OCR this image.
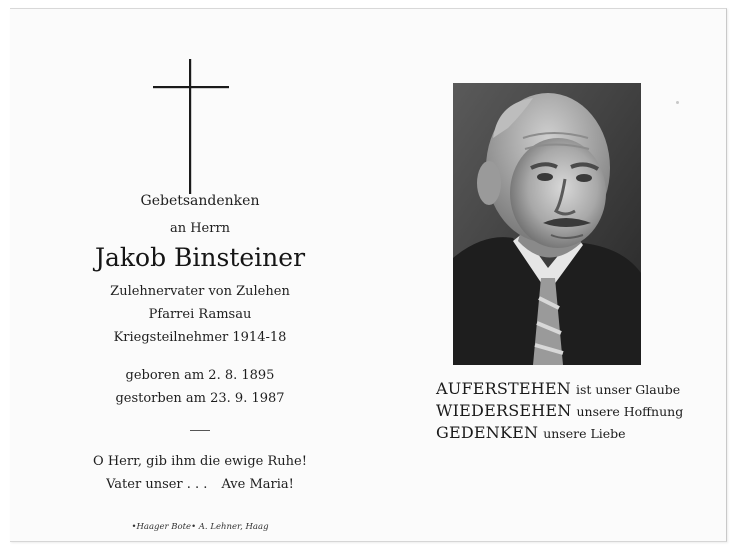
Gebetsandenken
an Herrn
Jakob Binsteiner
Zulehnervater von Zulehen
Pfarrei Ramsau
Kriegsteilnehmer 1914-18
geboren am 2. 8. 1895
gestorben am 23. 9. 1987
O Herr, gib ihm die ewige Ruhe!
Vater unser . . . Ave Maria!
•Haager Bote• A. Lehner, Haag
AUFERSTEHEN ist unser Glaube
WIEDERSEHEN unsere Hoffnung
GEDENKEN unsere Liebe
